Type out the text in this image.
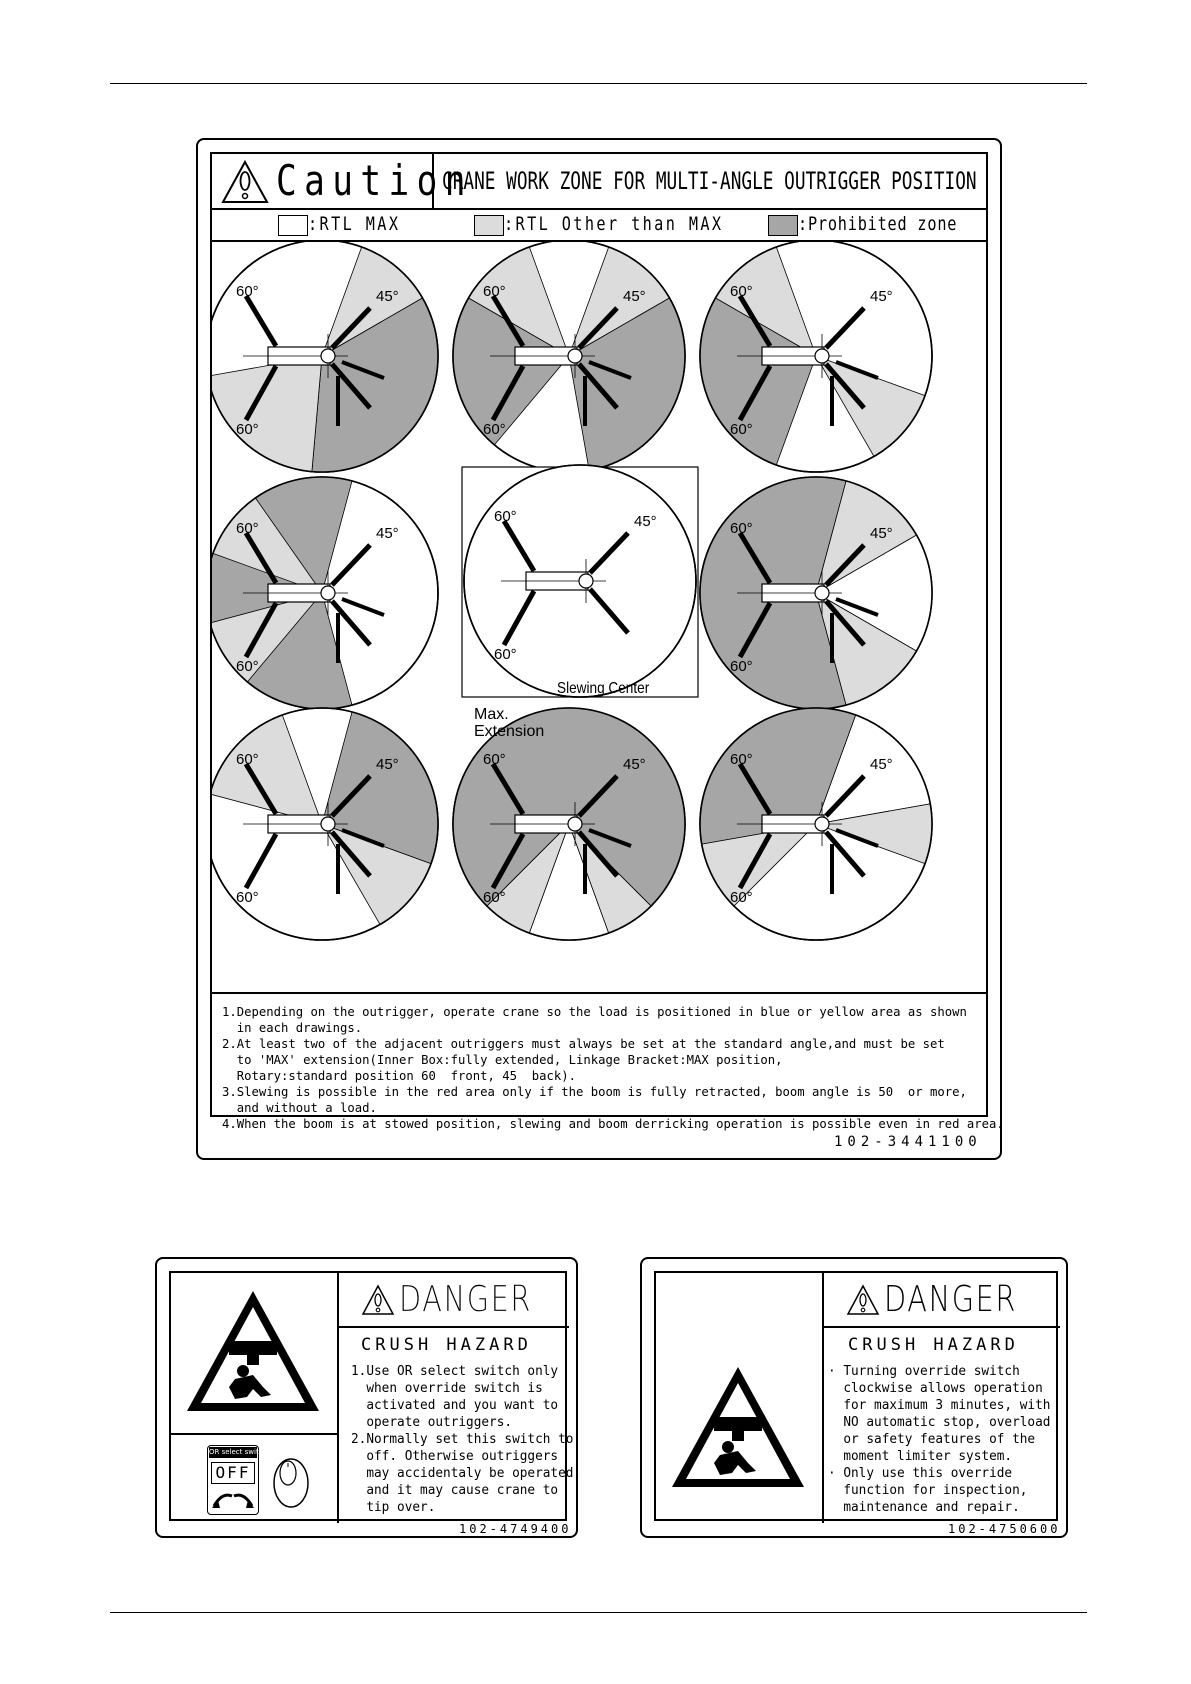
Caution
CRANE WORK ZONE FOR MULTI-ANGLE OUTRIGGER POSITION
:RTL MAX	:RTL Other than MAX	:Prohibited zone
60°
60°
45°	60°
60°
45°	60°
60°
45°
60°
60°
45°
60°
60°
45°	60°
60°
45°
60°
60°
45°	60°
60°
45°	60°
60°
45°
Slewing Center
Max.
Extension
1.Depending on the outrigger, operate crane so the load is positioned in blue or yellow area as shown
in each drawings.
2.At least two of the adjacent outriggers must always be set at the standard angle,and must be set
to 'MAX' extension(Inner Box:fully extended, Linkage Bracket:MAX position,
Rotary:standard position 60  front, 45  back).
3.Slewing is possible in the red area only if the boom is fully retracted, boom angle is 50  or more,
and without a load.
4.When the boom is at stowed position, slewing and boom derricking operation is possible even in red area.
102-3441100
OR select switch
OFF
DANGER
CRUSH HAZARD
1.Use OR select switch only
when override switch is
activated and you want to
operate outriggers.
2.Normally set this switch to
off. Otherwise outriggers
may accidentaly be operated,
and it may cause crane to
tip over.
102-4749400
DANGER
CRUSH HAZARD
· Turning override switch
clockwise allows operation
for maximum 3 minutes, with
NO automatic stop, overload
or safety features of the
moment limiter system.
· Only use this override
function for inspection,
maintenance and repair.
102-4750600
